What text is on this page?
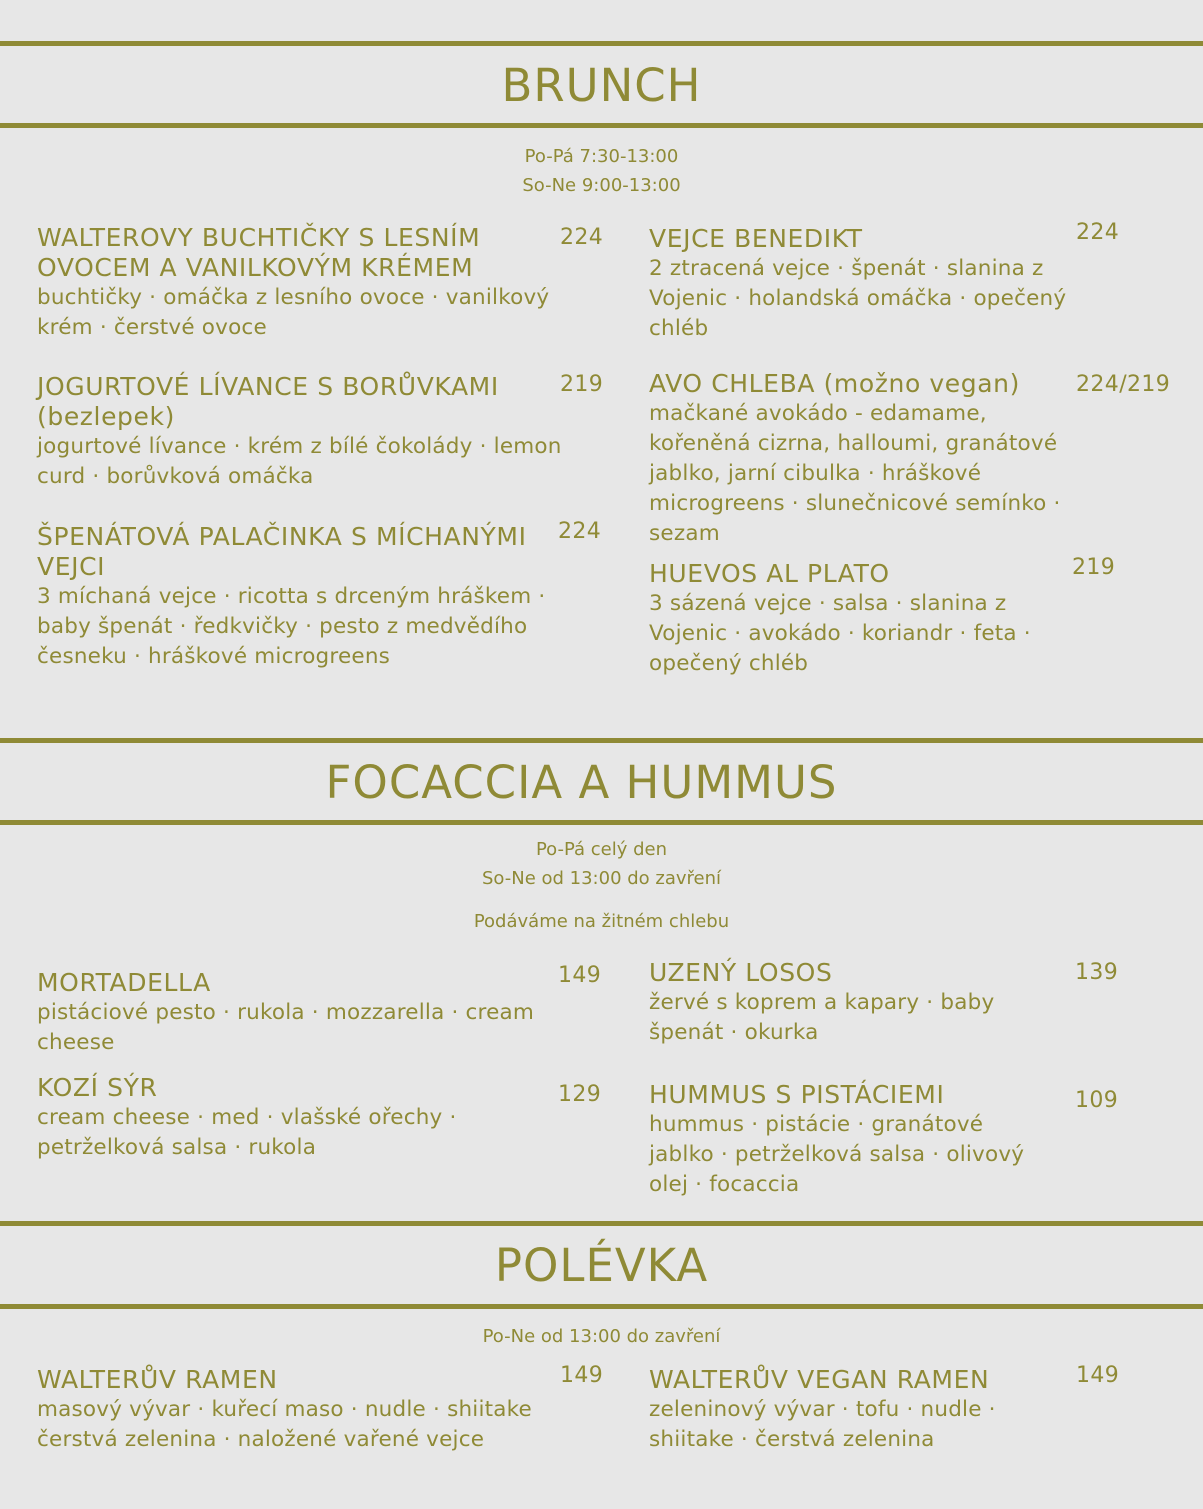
BRUNCH
Po-Pá 7:30-13:00
So-Ne 9:00-13:00

WALTEROVY BUCHTIČKY S LESNÍM OVOCEM A VANILKOVÝM KRÉMEM

buchtičky · omáčka z lesního ovoce · vanilkový krém · čerstvé ovoce

224

JOGURTOVÉ LÍVANCE S BORŮVKAMI (bezlepek)

jogurtové lívance · krém z bílé čokolády · lemon curd · borůvková omáčka

219

ŠPENÁTOVÁ PALAČINKA S MÍCHANÝMI VEJCI

3 míchaná vejce · ricotta s drceným hráškem · baby špenát · ředkvičky · pesto z medvědího česneku · hráškové microgreens

224

VEJCE BENEDIKT

2 ztracená vejce · špenát · slanina z Vojenic · holandská omáčka · opečený chléb

224

AVO CHLEBA (možno vegan)

mačkané avokádo - edamame, kořeněná cizrna, halloumi, granátové jablko, jarní cibulka · hráškové microgreens · slunečnicové semínko · sezam

224/219

HUEVOS AL PLATO

3 sázená vejce · salsa · slanina z Vojenic · avokádo · koriandr · feta · opečený chléb

219
FOCACCIA A HUMMUS
Po-Pá celý den
So-Ne od 13:00 do zavření
Podáváme na žitném chlebu

MORTADELLA

pistáciové pesto · rukola · mozzarella · cream cheese

149

KOZÍ SÝR

cream cheese · med · vlašské ořechy · petrželková salsa · rukola

129

UZENÝ LOSOS

žervé s koprem a kapary · baby špenát · okurka

139

HUMMUS S PISTÁCIEMI

hummus · pistácie · granátové jablko · petrželková salsa · olivový olej · focaccia

109
POLÉVKA
Po-Ne od 13:00 do zavření

WALTERŮV RAMEN

masový vývar · kuřecí maso · nudle · shiitake čerstvá zelenina · naložené vařené vejce

149 WALTERŮV VEGAN RAMEN

zeleninový vývar · tofu · nudle · shiitake · čerstvá zelenina

149
